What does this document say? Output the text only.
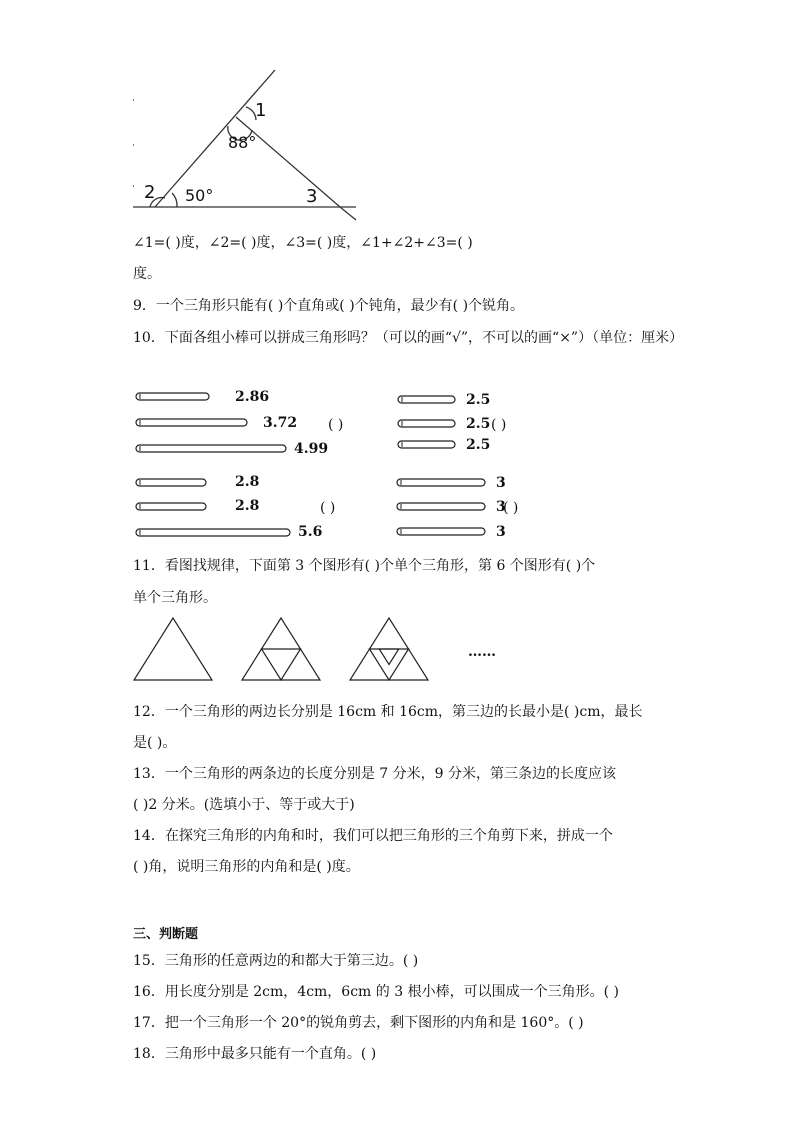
1
88°
2 50°	3
∠1=( )度，∠2=( )度，∠3=( )度，∠1+∠2+∠3=( )
度。
9．一个三角形只能有( )个直角或( )个钝角，最少有( )个锐角。
10．下面各组小棒可以拼成三角形吗？（可以的画“√”，不可以的画“×”）（单位：厘米）
2.86
3.72
4.99
( )
2.5
2.5
2.5
( )
2.8
2.8
5.6
( )
3
3
3
( )
11．看图找规律，下面第 3 个图形有( )个单个三角形，第 6 个图形有( )个
单个三角形。
……
12．一个三角形的两边长分别是 16cm 和 16cm，第三边的长最小是( )cm，最长
是( )。
13．一个三角形的两条边的长度分别是 7 分米，9 分米，第三条边的长度应该
( )2 分米。(选填小于、等于或大于)
14．在探究三角形的内角和时，我们可以把三角形的三个角剪下来，拼成一个
( )角，说明三角形的内角和是( )度。
三、判断题
15．三角形的任意两边的和都大于第三边。( )
16．用长度分别是 2cm，4cm，6cm 的 3 根小棒，可以围成一个三角形。( )
17．把一个三角形一个 20°的锐角剪去，剩下图形的内角和是 160°。( )
18．三角形中最多只能有一个直角。( )
